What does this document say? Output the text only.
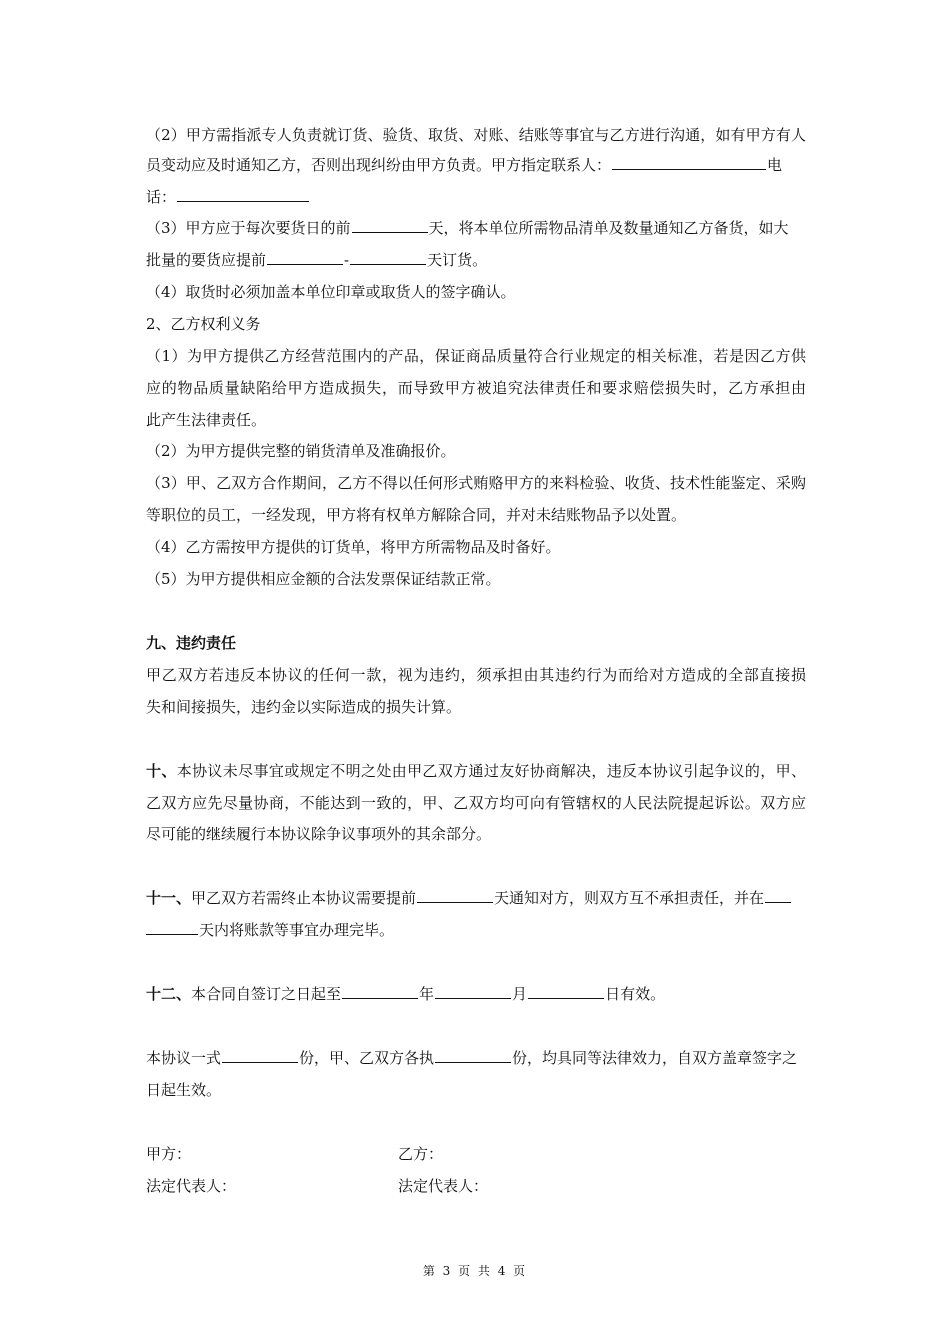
（2）甲方需指派专人负责就订货、验货、取货、对账、结账等事宜与乙方进行沟通，如有甲方有人
员变动应及时通知乙方，否则出现纠纷由甲方负责。甲方指定联系人：	电
话：
（3）甲方应于每次要货日的前	天，将本单位所需物品清单及数量通知乙方备货，如大
批量的要货应提前	-	天订货。
（4）取货时必须加盖本单位印章或取货人的签字确认。
2、乙方权利义务
（1）为甲方提供乙方经营范围内的产品，保证商品质量符合行业规定的相关标准，若是因乙方供
应的物品质量缺陷给甲方造成损失，而导致甲方被追究法律责任和要求赔偿损失时，乙方承担由
此产生法律责任。
（2）为甲方提供完整的销货清单及准确报价。
（3）甲、乙双方合作期间，乙方不得以任何形式贿赂甲方的来料检验、收货、技术性能鉴定、采购
等职位的员工，一经发现，甲方将有权单方解除合同，并对未结账物品予以处置。
（4）乙方需按甲方提供的订货单，将甲方所需物品及时备好。
（5）为甲方提供相应金额的合法发票保证结款正常。
九、违约责任
甲乙双方若违反本协议的任何一款，视为违约，须承担由其违约行为而给对方造成的全部直接损
失和间接损失，违约金以实际造成的损失计算。
十、本协议未尽事宜或规定不明之处由甲乙双方通过友好协商解决，违反本协议引起争议的，甲、
乙双方应先尽量协商，不能达到一致的，甲、乙双方均可向有管辖权的人民法院提起诉讼。双方应
尽可能的继续履行本协议除争议事项外的其余部分。
十一、甲乙双方若需终止本协议需要提前	天通知对方，则双方互不承担责任，并在
天内将账款等事宜办理完毕。
十二、本合同自签订之日起至	年	月	日有效。
本协议一式	份，甲、乙双方各执	份，均具同等法律效力，自双方盖章签字之
日起生效。
甲方：	乙方：
法定代表人：	法定代表人：
第 3 页 共 4 页
